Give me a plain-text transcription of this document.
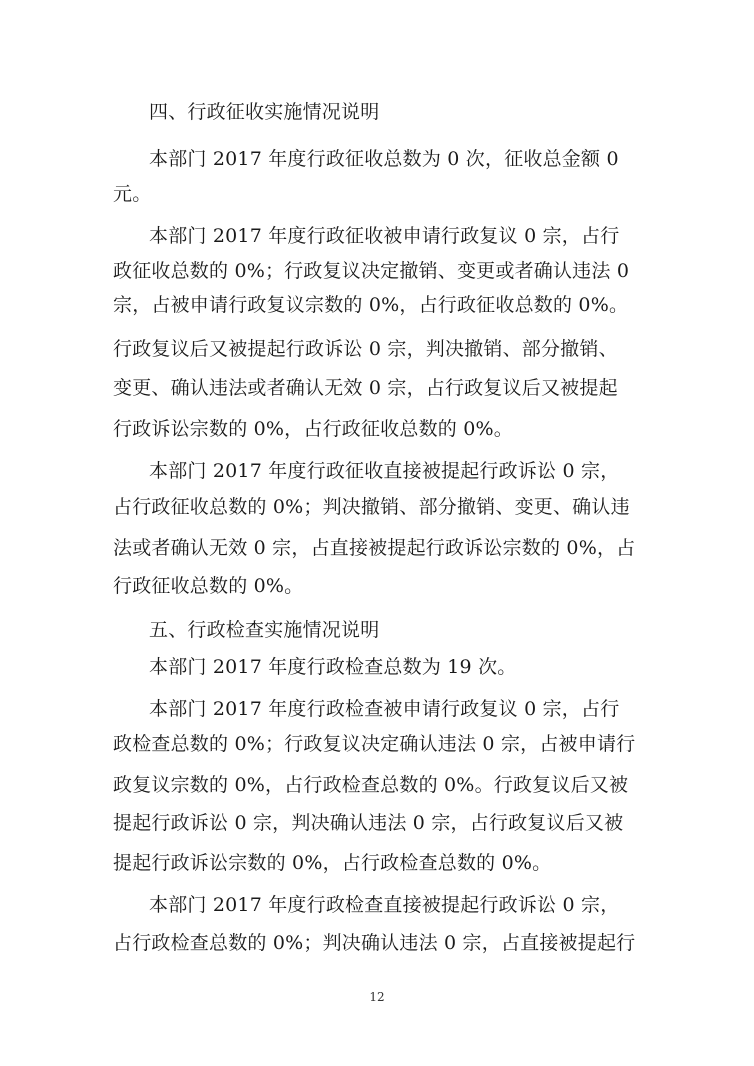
四、行政征收实施情况说明
本部门 2017 年度行政征收总数为 0 次，征收总金额 0
元。
本部门 2017 年度行政征收被申请行政复议 0 宗，占行
政征收总数的 0%；行政复议决定撤销、变更或者确认违法 0
宗，占被申请行政复议宗数的 0%，占行政征收总数的 0%。
行政复议后又被提起行政诉讼 0 宗，判决撤销、部分撤销、
变更、确认违法或者确认无效 0 宗，占行政复议后又被提起
行政诉讼宗数的 0%，占行政征收总数的 0%。
本部门 2017 年度行政征收直接被提起行政诉讼 0 宗，
占行政征收总数的 0%；判决撤销、部分撤销、变更、确认违
法或者确认无效 0 宗，占直接被提起行政诉讼宗数的 0%，占
行政征收总数的 0%。
五、行政检查实施情况说明
本部门 2017 年度行政检查总数为 19 次。
本部门 2017 年度行政检查被申请行政复议 0 宗，占行
政检查总数的 0%；行政复议决定确认违法 0 宗，占被申请行
政复议宗数的 0%，占行政检查总数的 0%。行政复议后又被
提起行政诉讼 0 宗，判决确认违法 0 宗，占行政复议后又被
提起行政诉讼宗数的 0%，占行政检查总数的 0%。
本部门 2017 年度行政检查直接被提起行政诉讼 0 宗，
占行政检查总数的 0%；判决确认违法 0 宗，占直接被提起行
12
